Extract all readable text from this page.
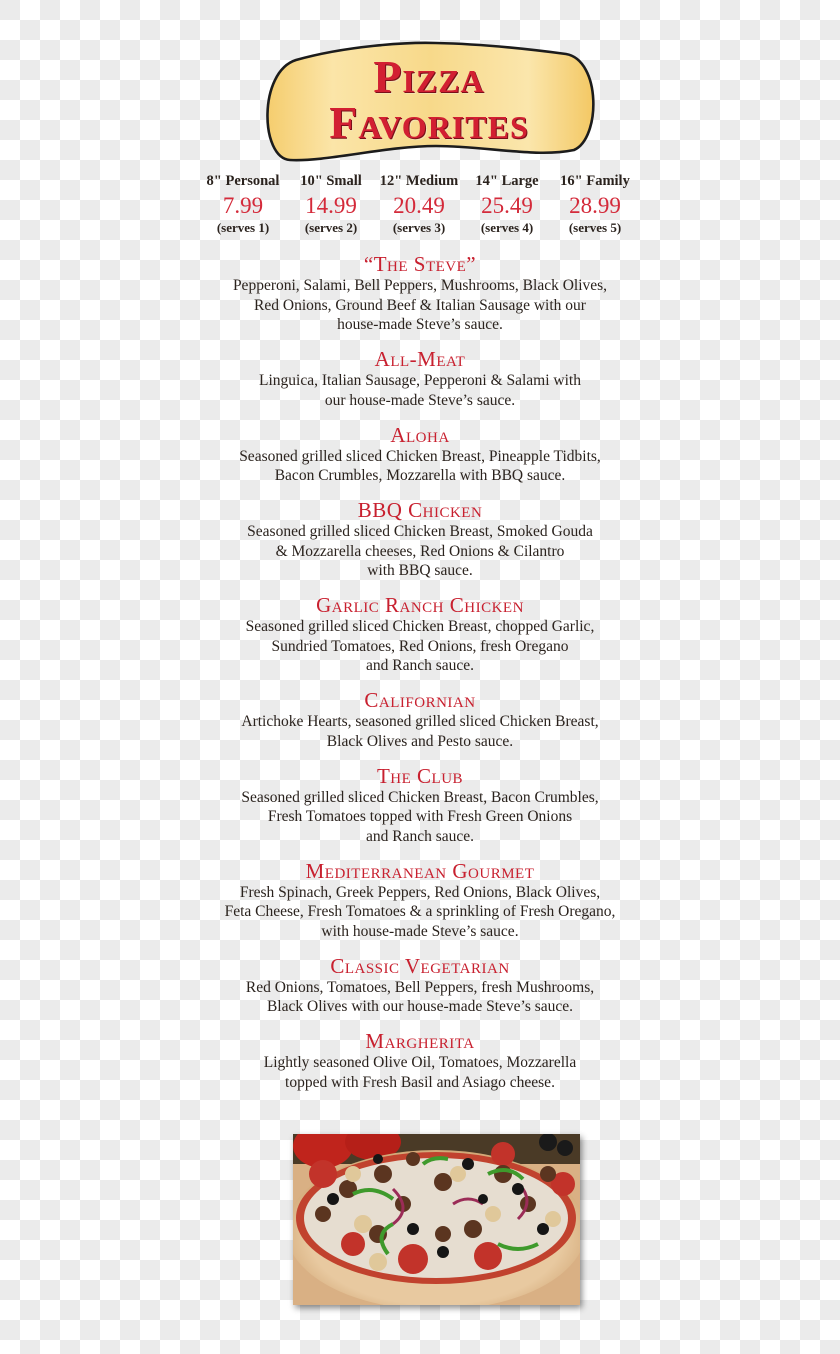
Pizza
Favorites
8" Personal
7.99
(serves 1)
10" Small
14.99
(serves 2)
12" Medium
20.49
(serves 3)
14" Large
25.49
(serves 4)
16" Family
28.99
(serves 5)
“The Steve”
Pepperoni, Salami, Bell Peppers, Mushrooms, Black Olives,
Red Onions, Ground Beef & Italian Sausage with our
house-made Steve’s sauce.
All-Meat
Linguica, Italian Sausage, Pepperoni & Salami with
our house-made Steve’s sauce.
Aloha
Seasoned grilled sliced Chicken Breast, Pineapple Tidbits,
Bacon Crumbles, Mozzarella with BBQ sauce.
BBQ Chicken
Seasoned grilled sliced Chicken Breast, Smoked Gouda
& Mozzarella cheeses, Red Onions & Cilantro
with BBQ sauce.
Garlic Ranch Chicken
Seasoned grilled sliced Chicken Breast, chopped Garlic,
Sundried Tomatoes, Red Onions, fresh Oregano
and Ranch sauce.
Californian
Artichoke Hearts, seasoned grilled sliced Chicken Breast,
Black Olives and Pesto sauce.
The Club
Seasoned grilled sliced Chicken Breast, Bacon Crumbles,
Fresh Tomatoes topped with Fresh Green Onions
and Ranch sauce.
Mediterranean Gourmet
Fresh Spinach, Greek Peppers, Red Onions, Black Olives,
Feta Cheese, Fresh Tomatoes & a sprinkling of Fresh Oregano,
with house-made Steve’s sauce.
Classic Vegetarian
Red Onions, Tomatoes, Bell Peppers, fresh Mushrooms,
Black Olives with our house-made Steve’s sauce.
Margherita
Lightly seasoned Olive Oil, Tomatoes, Mozzarella
topped with Fresh Basil and Asiago cheese.
